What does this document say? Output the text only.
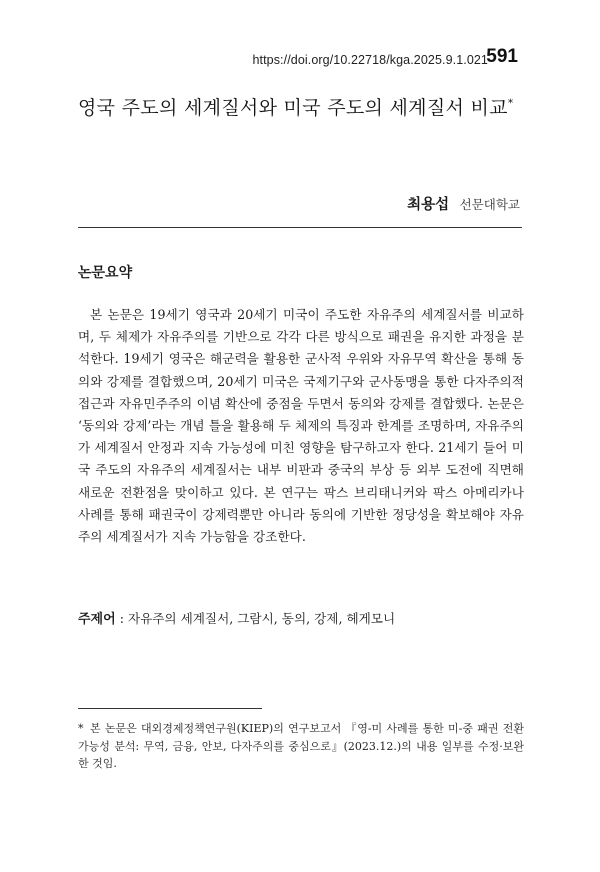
https://doi.org/10.22718/kga.2025.9.1.021
591
영국 주도의 세계질서와 미국 주도의 세계질서 비교*
최용섭 선문대학교
논문요약
본 논문은 19세기 영국과 20세기 미국이 주도한 자유주의 세계질서를 비교하며, 두 체제가 자유주의를 기반으로 각각 다른 방식으로 패권을 유지한 과정을 분석한다. 19세기 영국은 해군력을 활용한 군사적 우위와 자유무역 확산을 통해 동의와 강제를 결합했으며, 20세기 미국은 국제기구와 군사동맹을 통한 다자주의적 접근과 자유민주주의 이념 확산에 중점을 두면서 동의와 강제를 결합했다. 논문은 ‘동의와 강제’라는 개념 틀을 활용해 두 체제의 특징과 한계를 조명하며, 자유주의가 세계질서 안정과 지속 가능성에 미친 영향을 탐구하고자 한다. 21세기 들어 미국 주도의 자유주의 세계질서는 내부 비판과 중국의 부상 등 외부 도전에 직면해 새로운 전환점을 맞이하고 있다. 본 연구는 팍스 브리태니커와 팍스 아메리카나 사례를 통해 패권국이 강제력뿐만 아니라 동의에 기반한 정당성을 확보해야 자유주의 세계질서가 지속 가능함을 강조한다.
주제어 : 자유주의 세계질서, 그람시, 동의, 강제, 헤게모니
* 본 논문은 대외경제정책연구원(KIEP)의 연구보고서 『영-미 사례를 통한 미-중 패권 전환 가능성 분석: 무역, 금융, 안보, 다자주의를 중심으로』(2023.12.)의 내용 일부를 수정·보완한 것임.
